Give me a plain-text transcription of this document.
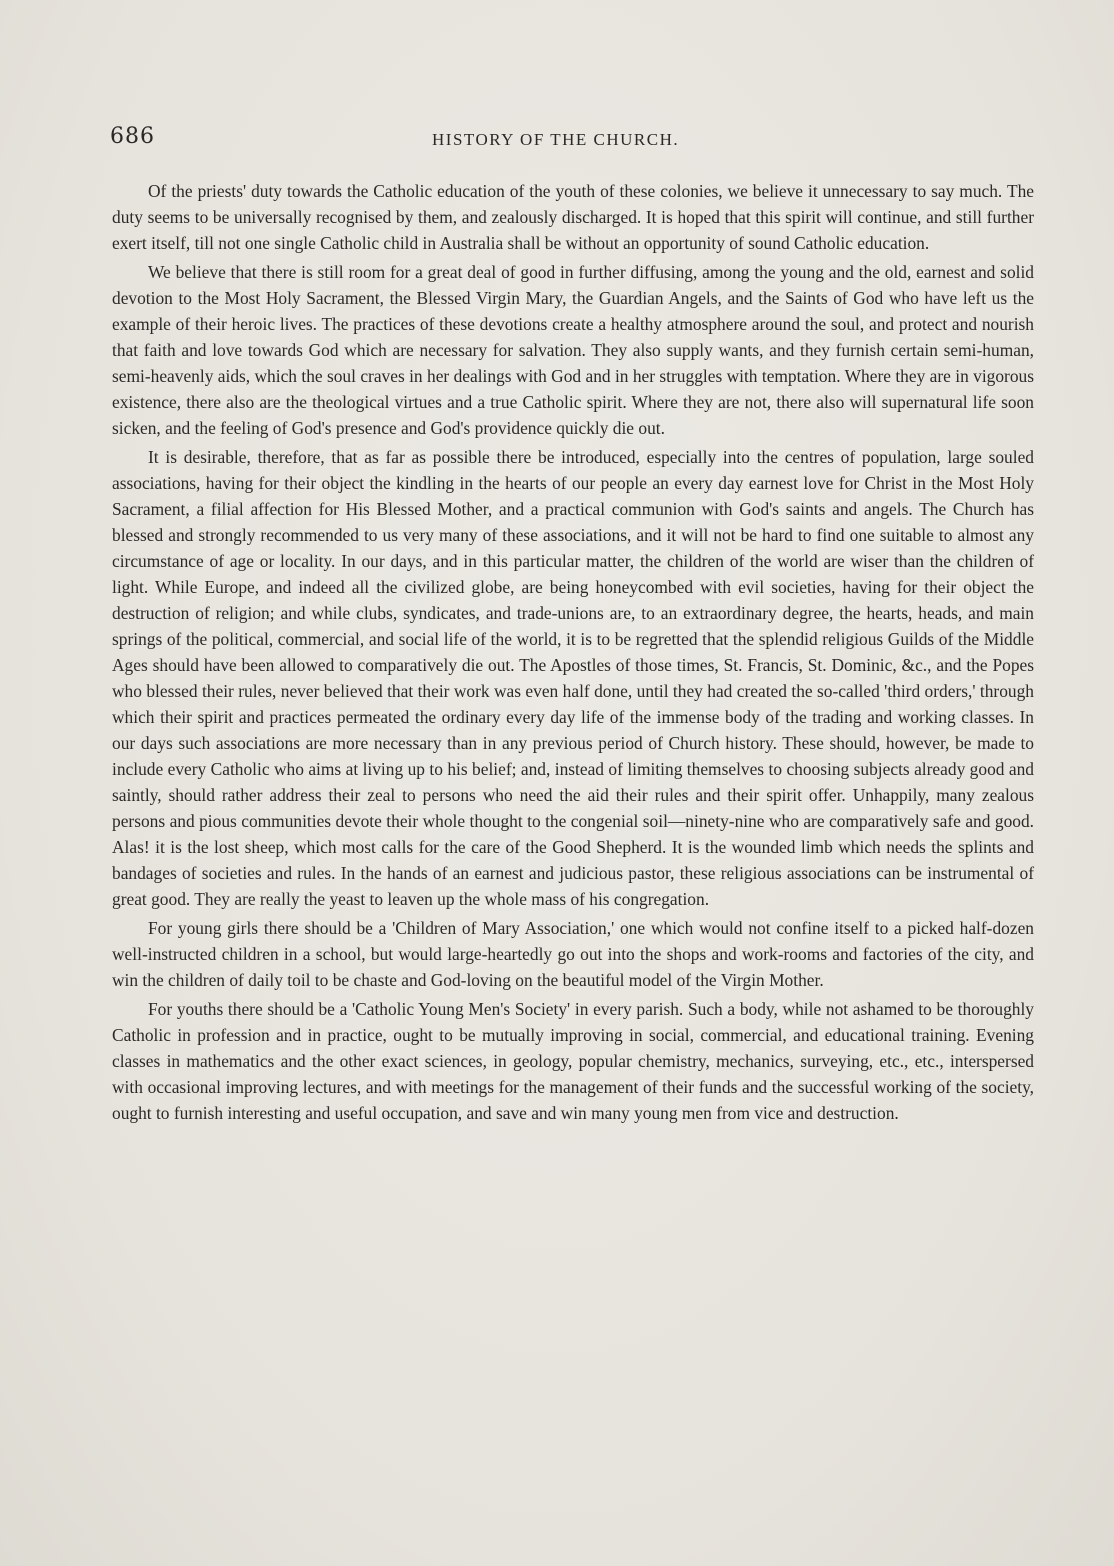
686	HISTORY OF THE CHURCH.

Of the priests' duty towards the Catholic education of the youth of these colonies, we believe it unnecessary to say much. The duty seems to be universally recognised by them, and zealously discharged. It is hoped that this spirit will continue, and still further exert itself, till not one single Catholic child in Australia shall be without an opportunity of sound Catholic education.

We believe that there is still room for a great deal of good in further diffusing, among the young and the old, earnest and solid devotion to the Most Holy Sacrament, the Blessed Virgin Mary, the Guardian Angels, and the Saints of God who have left us the example of their heroic lives. The practices of these devotions create a healthy atmosphere around the soul, and protect and nourish that faith and love towards God which are necessary for salvation. They also supply wants, and they furnish certain semi-human, semi-heavenly aids, which the soul craves in her dealings with God and in her struggles with temptation. Where they are in vigorous existence, there also are the theological virtues and a true Catholic spirit. Where they are not, there also will supernatural life soon sicken, and the feeling of God's presence and God's providence quickly die out.

It is desirable, therefore, that as far as possible there be introduced, especially into the centres of population, large souled associations, having for their object the kindling in the hearts of our people an every day earnest love for Christ in the Most Holy Sacrament, a filial affection for His Blessed Mother, and a practical communion with God's saints and angels. The Church has blessed and strongly recommended to us very many of these associations, and it will not be hard to find one suitable to almost any circumstance of age or locality. In our days, and in this particular matter, the children of the world are wiser than the children of light. While Europe, and indeed all the civilized globe, are being honeycombed with evil societies, having for their object the destruction of religion; and while clubs, syndicates, and trade-unions are, to an extraordinary degree, the hearts, heads, and main springs of the political, commercial, and social life of the world, it is to be regretted that the splendid religious Guilds of the Middle Ages should have been allowed to comparatively die out. The Apostles of those times, St. Francis, St. Dominic, &c., and the Popes who blessed their rules, never believed that their work was even half done, until they had created the so-called 'third orders,' through which their spirit and practices permeated the ordinary every day life of the immense body of the trading and working classes. In our days such associations are more necessary than in any previous period of Church history. These should, however, be made to include every Catholic who aims at living up to his belief; and, instead of limiting themselves to choosing subjects already good and saintly, should rather address their zeal to persons who need the aid their rules and their spirit offer. Unhappily, many zealous persons and pious communities devote their whole thought to the congenial soil—ninety-nine who are comparatively safe and good. Alas! it is the lost sheep, which most calls for the care of the Good Shepherd. It is the wounded limb which needs the splints and bandages of societies and rules. In the hands of an earnest and judicious pastor, these religious associations can be instrumental of great good. They are really the yeast to leaven up the whole mass of his congregation.

For young girls there should be a 'Children of Mary Association,' one which would not confine itself to a picked half-dozen well-instructed children in a school, but would large-heartedly go out into the shops and work-rooms and factories of the city, and win the children of daily toil to be chaste and God-loving on the beautiful model of the Virgin Mother.

For youths there should be a 'Catholic Young Men's Society' in every parish. Such a body, while not ashamed to be thoroughly Catholic in profession and in practice, ought to be mutually improving in social, commercial, and educational training. Evening classes in mathematics and the other exact sciences, in geology, popular chemistry, mechanics, surveying, etc., etc., interspersed with occasional improving lectures, and with meetings for the management of their funds and the successful working of the society, ought to furnish interesting and useful occupation, and save and win many young men from vice and destruction.
